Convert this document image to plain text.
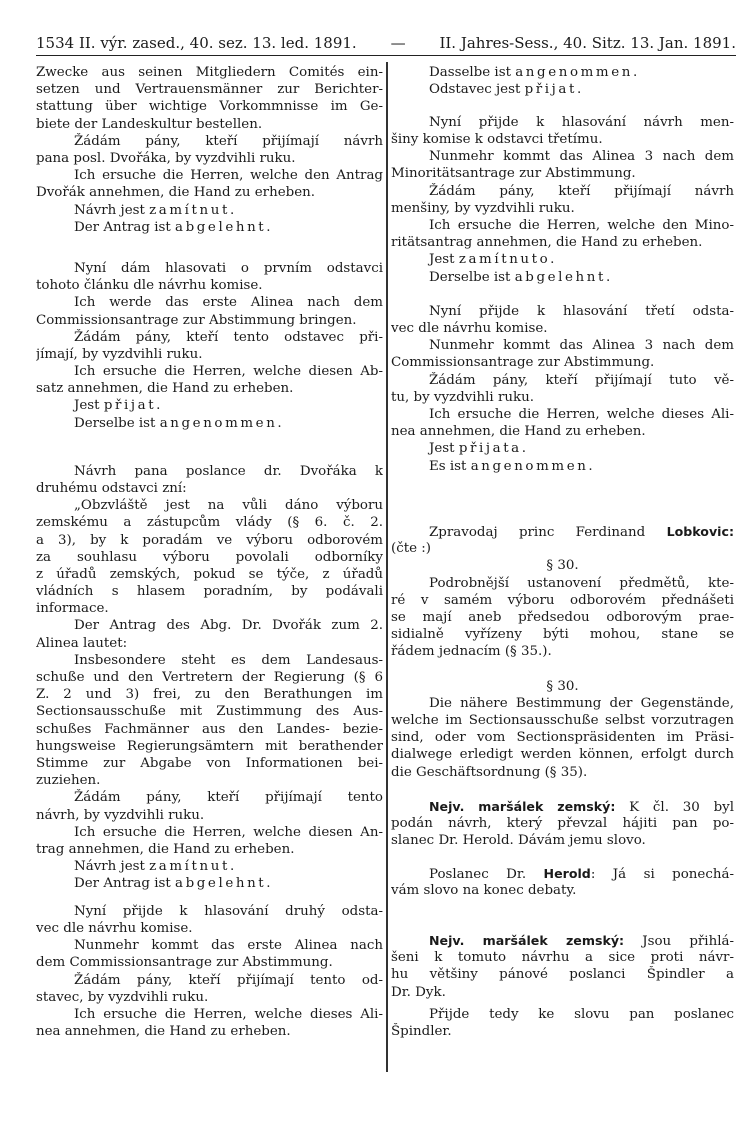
1534 II. výr. zased., 40. sez. 13. led. 1891. — II. Jahres-Sess., 40. Sitz. 13. Jan. 1891.
Zwecke aus seinen Mitgliedern Comités ein-
setzen und Vertrauensmänner zur Berichter-
stattung über wichtige Vorkommnisse im Ge-
biete der Landeskultur bestellen.
Žádám pány, kteří přijímají návrh
pana posl. Dvořáka, by vyzdvihli ruku.
Ich ersuche die Herren, welche den Antrag
Dvořák annehmen, die Hand zu erheben.
Návrh jest zamítnut.
Der Antrag ist abgelehnt.
Nyní dám hlasovati o prvním odstavci
tohoto článku dle návrhu komise.
Ich werde das erste Alinea nach dem
Commissionsantrage zur Abstimmung bringen.
Žádám pány, kteří tento odstavec při-
jímají, by vyzdvihli ruku.
Ich ersuche die Herren, welche diesen Ab-
satz annehmen, die Hand zu erheben.
Jest přijat.
Derselbe ist angenommen.
Návrh pana poslance dr. Dvořáka k
druhému odstavci zní:
„Obzvláště jest na vůli dáno výboru
zemskému a zástupcům vlády (§ 6. č. 2.
a 3), by k poradám ve výboru odborovém
za souhlasu výboru povolali odborníky
z úřadů zemských, pokud se týče, z úřadů
vládních s hlasem poradním, by podávali
informace.
Der Antrag des Abg. Dr. Dvořák zum 2.
Alinea lautet:
Insbesondere steht es dem Landesaus-
schuße und den Vertretern der Regierung (§ 6
Z. 2 und 3) frei, zu den Berathungen im
Sectionsausschuße mit Zustimmung des Aus-
schußes Fachmänner aus den Landes- bezie-
hungsweise Regierungsämtern mit berathender
Stimme zur Abgabe von Informationen bei-
zuziehen.
Žádám pány, kteří přijímají tento
návrh, by vyzdvihli ruku.
Ich ersuche die Herren, welche diesen An-
trag annehmen, die Hand zu erheben.
Návrh jest zamítnut.
Der Antrag ist abgelehnt.
Nyní přijde k hlasování druhý odsta-
vec dle návrhu komise.
Nunmehr kommt das erste Alinea nach
dem Commissionsantrage zur Abstimmung.
Žádám pány, kteří přijímají tento od-
stavec, by vyzdvihli ruku.
Ich ersuche die Herren, welche dieses Ali-
nea annehmen, die Hand zu erheben.
Dasselbe ist angenommen.
Odstavec jest přijat.
Nyní přijde k hlasování návrh men-
šiny komise k odstavci třetímu.
Nunmehr kommt das Alinea 3 nach dem
Minoritätsantrage zur Abstimmung.
Žádám pány, kteří přijímají návrh
menšiny, by vyzdvihli ruku.
Ich ersuche die Herren, welche den Mino-
ritätsantrag annehmen, die Hand zu erheben.
Jest zamítnuto.
Derselbe ist abgelehnt.
Nyní přijde k hlasování třetí odsta-
vec dle návrhu komise.
Nunmehr kommt das Alinea 3 nach dem
Commissionsantrage zur Abstimmung.
Žádám pány, kteří přijímají tuto vě-
tu, by vyzdvihli ruku.
Ich ersuche die Herren, welche dieses Ali-
nea annehmen, die Hand zu erheben.
Jest přijata.
Es ist angenommen.
Zpravodaj princ Ferdinand Lobkovic:
(čte :)
§ 30.
Podrobnější ustanovení předmětů, kte-
ré v samém výboru odborovém přednášeti
se mají aneb předsedou odborovým prae-
sidialně vyřízeny býti mohou, stane se
řádem jednacím (§ 35.).
§ 30.
Die nähere Bestimmung der Gegenstände,
welche im Sectionsausschuße selbst vorzutragen
sind, oder vom Sectionspräsidenten im Präsi-
dialwege erledigt werden können, erfolgt durch
die Geschäftsordnung (§ 35).
Nejv. maršálek zemský: K čl. 30 byl
podán návrh, který převzal hájiti pan po-
slanec Dr. Herold. Dávám jemu slovo.
Poslanec Dr. Herold: Já si ponechá-
vám slovo na konec debaty.
Nejv. maršálek zemský: Jsou přihlá-
šeni k tomuto návrhu a sice proti návr-
hu většiny pánové poslanci Špindler a
Dr. Dyk.
Přijde tedy ke slovu pan poslanec
Špindler.
